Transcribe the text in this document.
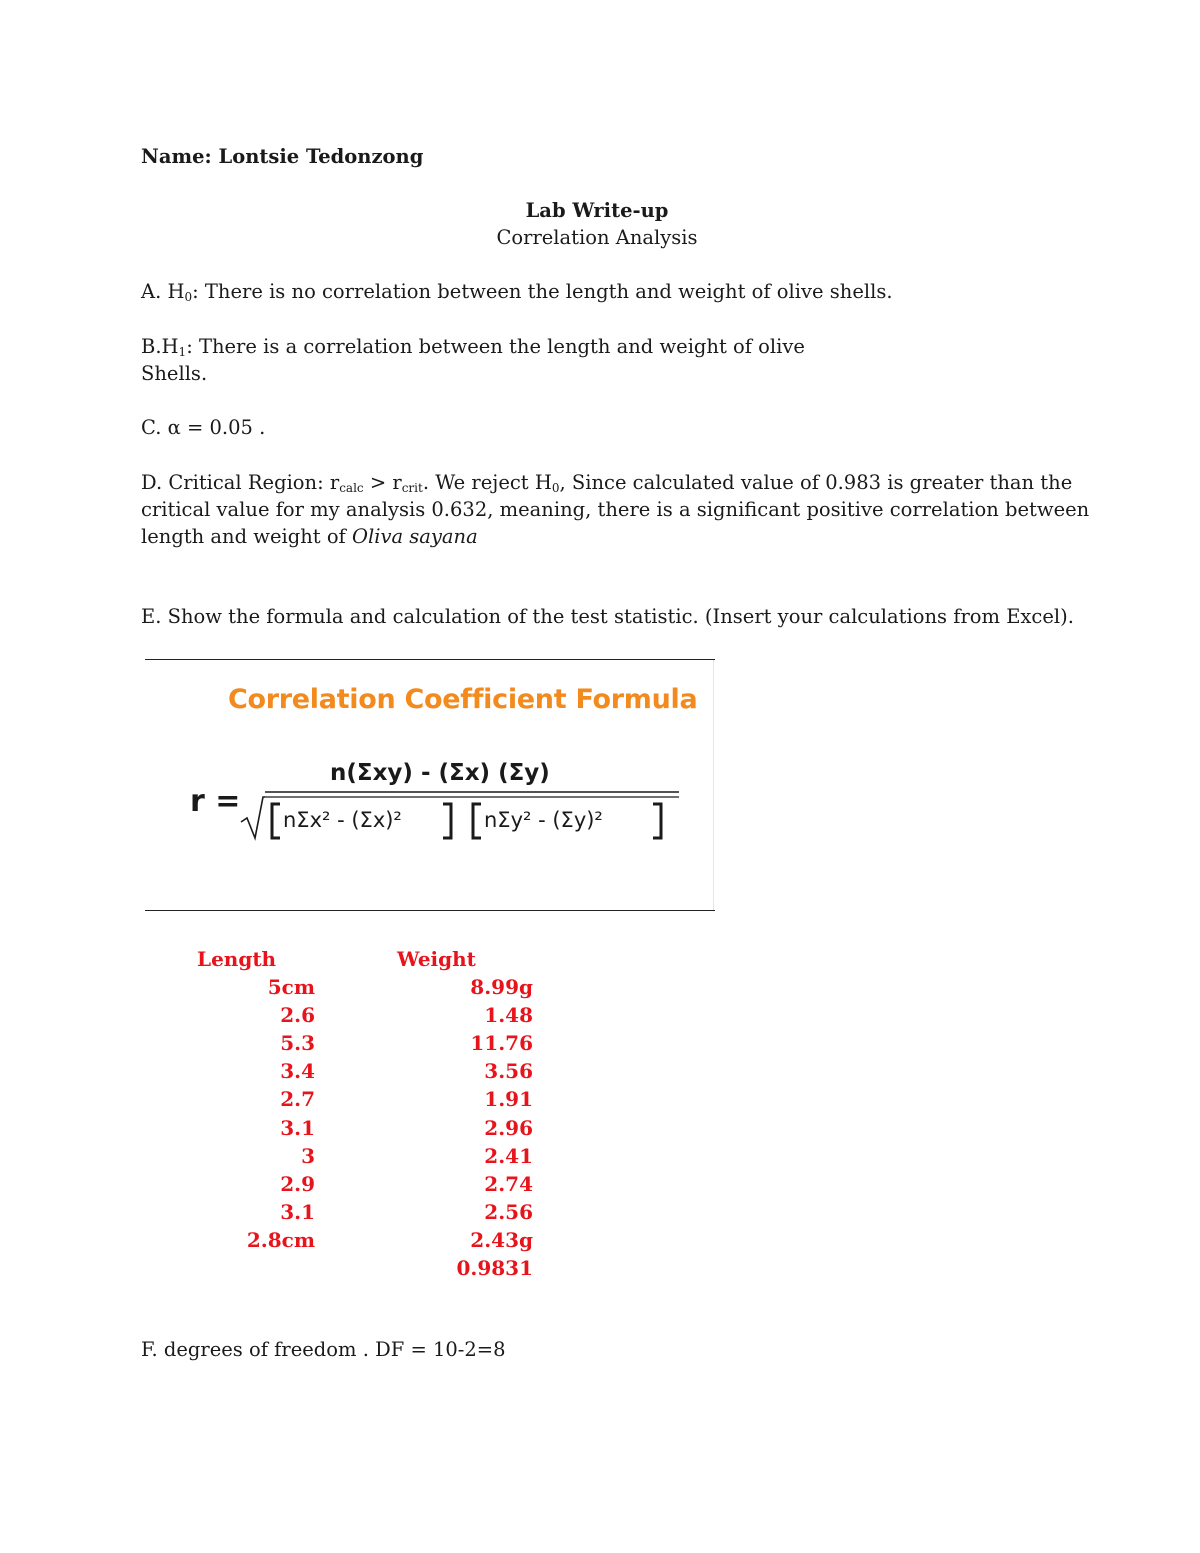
Name: Lontsie Tedonzong
Lab Write-up
Correlation Analysis
A. $H_0$: There is no correlation between the length and weight of olive shells.
$B.H_1$: There is a correlation between the length and weight of olive
Shells.
C. α = 0.05 .
D. Critical Region: $r_{calc} > r_{crit}$. We reject $H_0$, Since calculated value of 0.983 is greater than the
critical value for my analysis 0.632, meaning, there is a significant positive correlation between
length and weight of Oliva sayana
E. Show the formula and calculation of the test statistic. (Insert your calculations from Excel).
Correlation Coefficient Formula
r =
n(Σxy) - (Σx) (Σy)
nΣx² - (Σx)²	nΣy² - (Σy)²
Length	Weight
5cm
2.6
5.3
3.4
2.7
3.1
3
2.9
3.1
2.8cm
8.99g
1.48
11.76
3.56
1.91
2.96
2.41
2.74
2.56
2.43g
0.9831
F. degrees of freedom . DF = 10-2=8
